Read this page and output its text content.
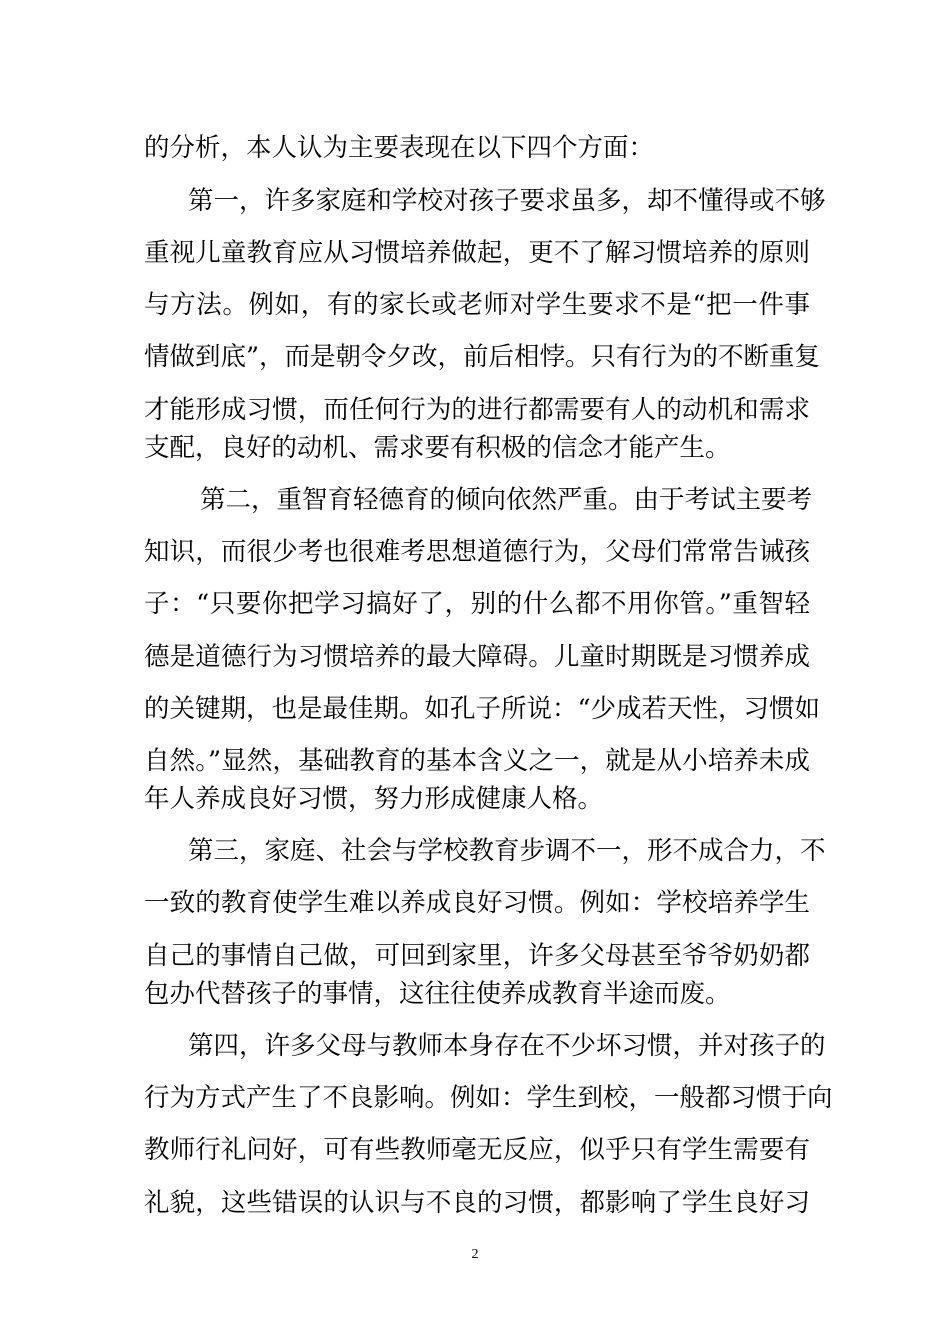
的分析，本人认为主要表现在以下四个方面：
第一，许多家庭和学校对孩子要求虽多，却不懂得或不够
重视儿童教育应从习惯培养做起，更不了解习惯培养的原则
与方法。例如，有的家长或老师对学生要求不是“把一件事
情做到底”，而是朝令夕改，前后相悖。只有行为的不断重复
才能形成习惯，而任何行为的进行都需要有人的动机和需求
支配，良好的动机、需求要有积极的信念才能产生。
第二，重智育轻德育的倾向依然严重。由于考试主要考
知识，而很少考也很难考思想道德行为，父母们常常告诫孩
子：“只要你把学习搞好了，别的什么都不用你管。”重智轻
德是道德行为习惯培养的最大障碍。儿童时期既是习惯养成
的关键期，也是最佳期。如孔子所说：“少成若天性，习惯如
自然。”显然，基础教育的基本含义之一，就是从小培养未成
年人养成良好习惯，努力形成健康人格。
第三，家庭、社会与学校教育步调不一，形不成合力，不
一致的教育使学生难以养成良好习惯。例如：学校培养学生
自己的事情自己做，可回到家里，许多父母甚至爷爷奶奶都
包办代替孩子的事情，这往往使养成教育半途而废。
第四，许多父母与教师本身存在不少坏习惯，并对孩子的
行为方式产生了不良影响。例如：学生到校，一般都习惯于向
教师行礼问好，可有些教师毫无反应，似乎只有学生需要有
礼貌，这些错误的认识与不良的习惯，都影响了学生良好习
2
